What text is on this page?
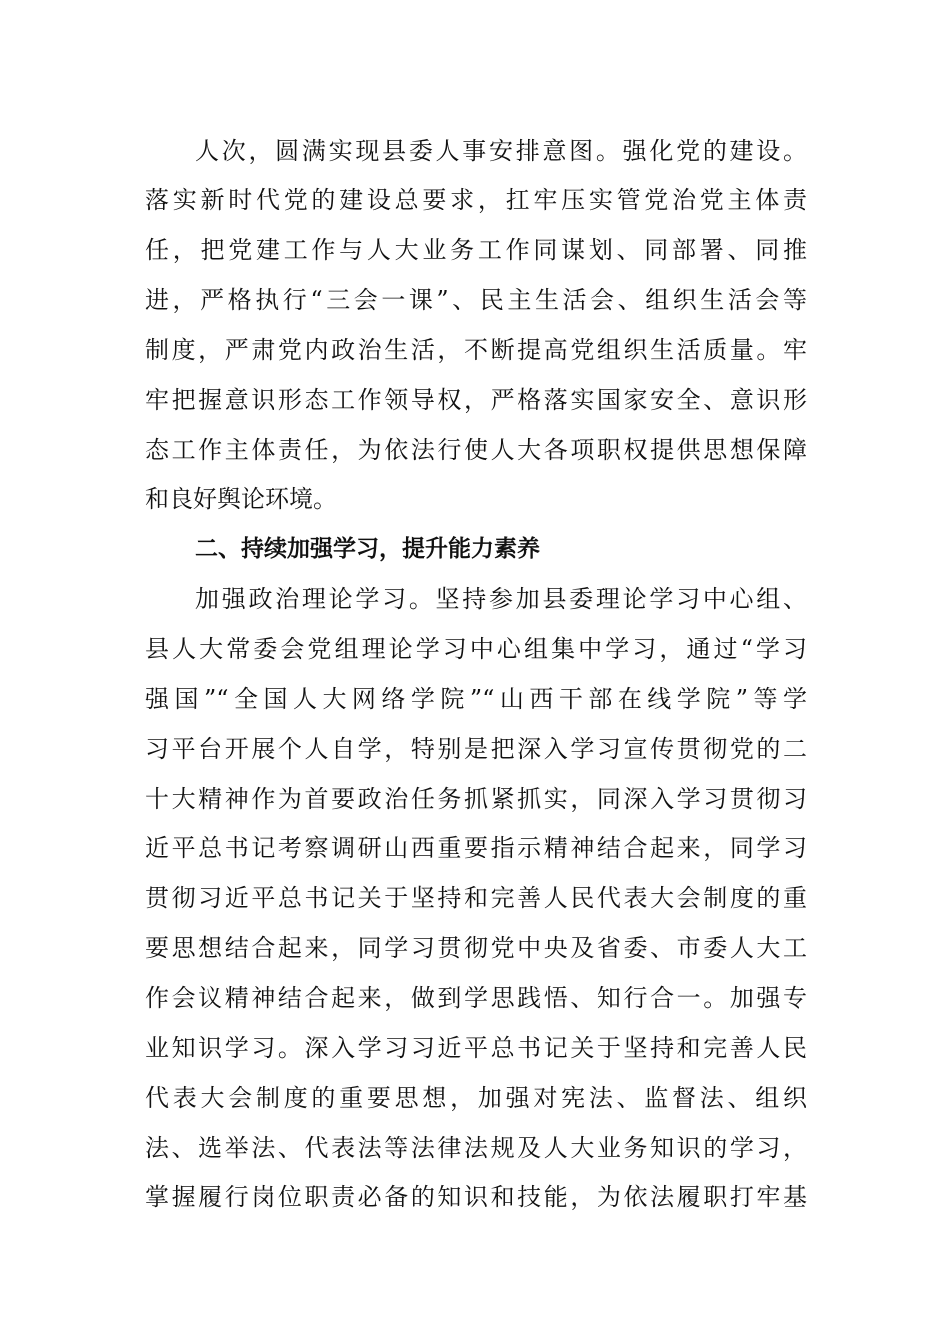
人次，圆满实现县委人事安排意图。强化党的建设。
落实新时代党的建设总要求，扛牢压实管党治党主体责
任，把党建工作与人大业务工作同谋划、同部署、同推
进，严格执行“三会一课”、民主生活会、组织生活会等
制度，严肃党内政治生活，不断提高党组织生活质量。牢
牢把握意识形态工作领导权，严格落实国家安全、意识形
态工作主体责任，为依法行使人大各项职权提供思想保障
和良好舆论环境。
二、持续加强学习，提升能力素养
加强政治理论学习。坚持参加县委理论学习中心组、
县人大常委会党组理论学习中心组集中学习，通过“学习
强国”“全国人大网络学院”“山西干部在线学院”等学
习平台开展个人自学，特别是把深入学习宣传贯彻党的二
十大精神作为首要政治任务抓紧抓实，同深入学习贯彻习
近平总书记考察调研山西重要指示精神结合起来，同学习
贯彻习近平总书记关于坚持和完善人民代表大会制度的重
要思想结合起来，同学习贯彻党中央及省委、市委人大工
作会议精神结合起来，做到学思践悟、知行合一。加强专
业知识学习。深入学习习近平总书记关于坚持和完善人民
代表大会制度的重要思想，加强对宪法、监督法、组织
法、选举法、代表法等法律法规及人大业务知识的学习，
掌握履行岗位职责必备的知识和技能，为依法履职打牢基
